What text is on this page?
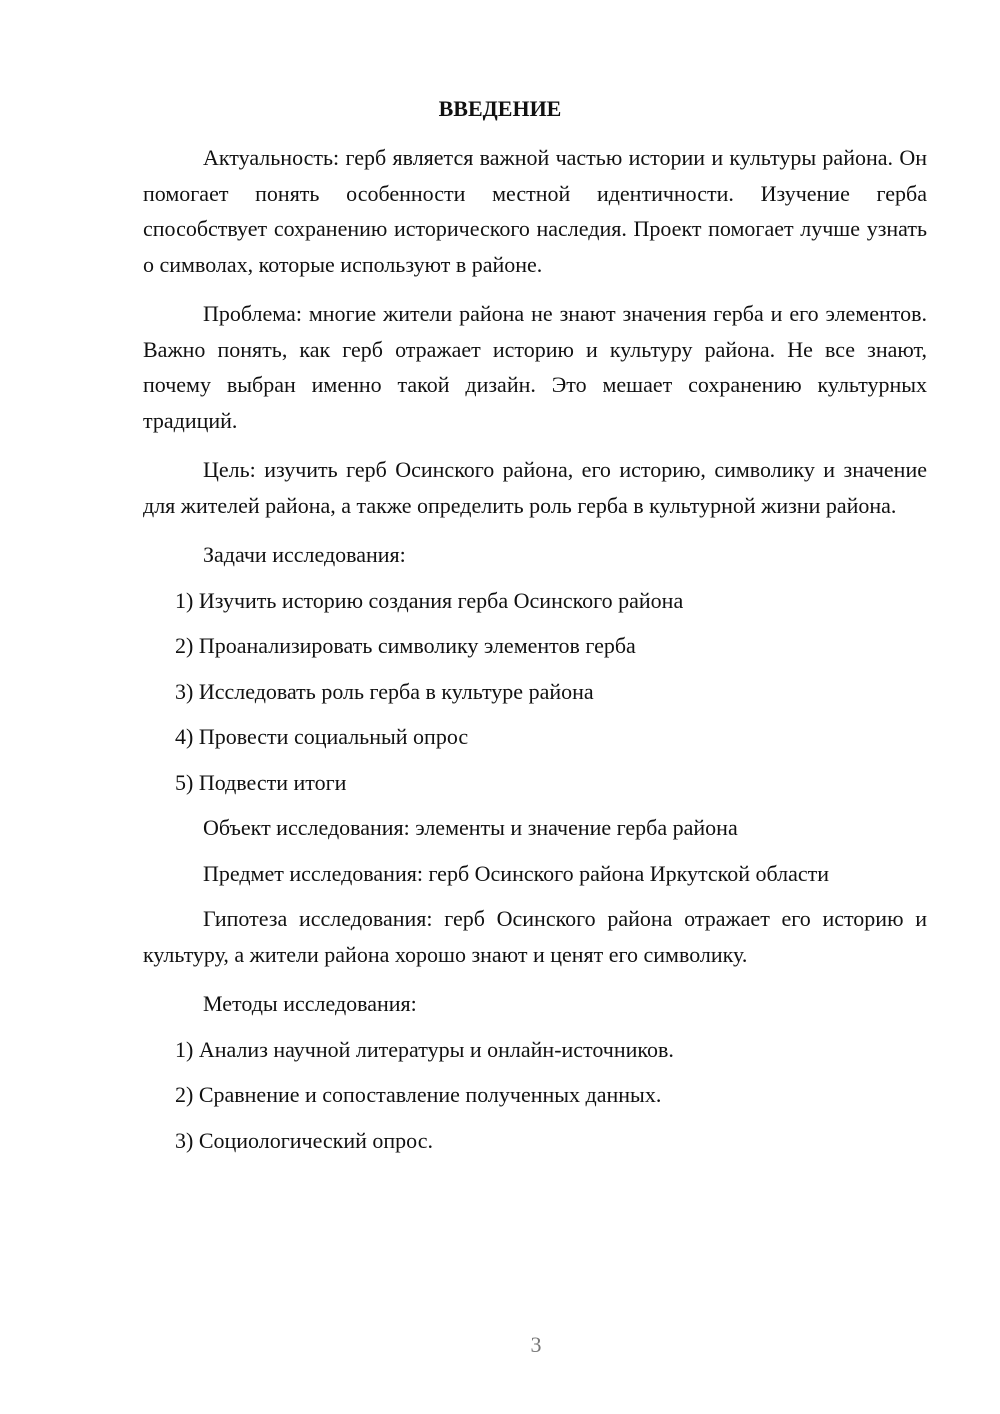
ВВЕДЕНИЕ

Актуальность: герб является важной частью истории и культуры района. Он помогает понять особенности местной идентичности. Изучение герба способствует сохранению исторического наследия. Проект помогает лучше узнать о символах, которые используют в районе.

Проблема: многие жители района не знают значения герба и его элементов. Важно понять, как герб отражает историю и культуру района. Не все знают, почему выбран именно такой дизайн. Это мешает сохранению культурных традиций.

Цель: изучить герб Осинского района, его историю, символику и значение для жителей района, а также определить роль герба в культурной жизни района.

Задачи исследования:
1) Изучить историю создания герба Осинского района
2) Проанализировать символику элементов герба
3) Исследовать роль герба в культуре района
4) Провести социальный опрос
5) Подвести итоги
Объект исследования: элементы и значение герба района
Предмет исследования: герб Осинского района Иркутской области

Гипотеза исследования: герб Осинского района отражает его историю и культуру, а жители района хорошо знают и ценят его символику.

Методы исследования:
1) Анализ научной литературы и онлайн-источников.
2) Сравнение и сопоставление полученных данных.
3) Социологический опрос.
3
